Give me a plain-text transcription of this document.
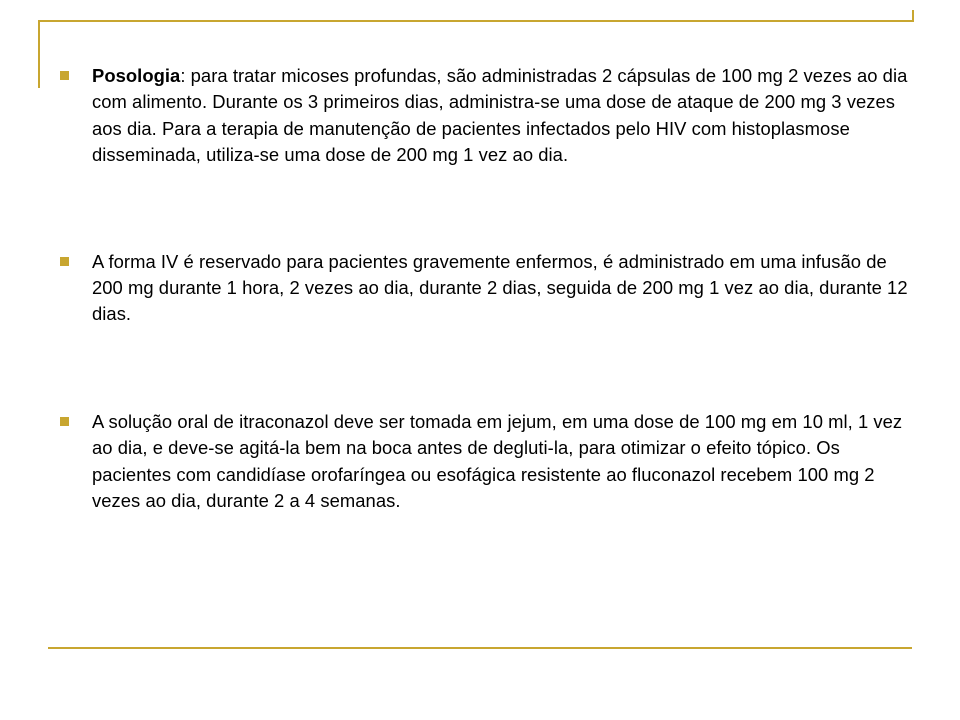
Posologia: para tratar micoses profundas, são administradas 2 cápsulas de 100 mg 2 vezes ao dia com alimento. Durante os 3 primeiros dias, administra-se uma dose de ataque de 200 mg 3 vezes aos dia. Para a terapia de manutenção de pacientes infectados pelo HIV com histoplasmose disseminada, utiliza-se uma dose de 200 mg 1 vez ao dia.
A forma IV é reservado para pacientes gravemente enfermos, é administrado em uma infusão de 200 mg durante 1 hora, 2 vezes ao dia, durante 2 dias, seguida de 200 mg 1 vez ao dia, durante 12 dias.
A solução oral de itraconazol deve ser tomada em jejum, em uma dose de 100 mg em 10 ml, 1 vez ao dia, e deve-se agitá-la bem na boca antes de degluti-la, para otimizar o efeito tópico. Os pacientes com candidíase orofaríngea ou esofágica resistente ao fluconazol recebem 100 mg 2 vezes ao dia, durante 2 a 4 semanas.
